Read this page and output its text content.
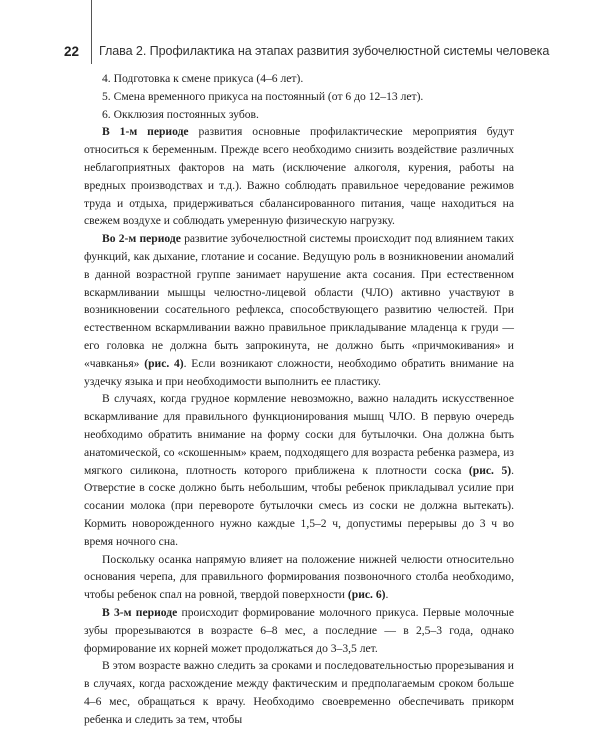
22 Глава 2. Профилактика на этапах развития зубочелюстной системы человека

4. Подготовка к смене прикуса (4–6 лет).

5. Смена временного прикуса на постоянный (от 6 до 12–13 лет).

6. Окклюзия постоянных зубов.

В 1-м периоде развития основные профилактические мероприятия будут относиться к беременным. Прежде всего необходимо снизить воздействие различных неблагоприятных факторов на мать (исключение алкоголя, курения, работы на вредных производствах и т.д.). Важно соблюдать правильное чередование режимов труда и отдыха, придерживаться сбалансированного питания, чаще находиться на свежем воздухе и соблюдать умеренную физическую нагрузку.

Во 2-м периоде развитие зубочелюстной системы происходит под влиянием таких функций, как дыхание, глотание и сосание. Ведущую роль в возникновении аномалий в данной возрастной группе занимает нарушение акта сосания. При естественном вскармливании мышцы челюстно-лицевой области (ЧЛО) активно участвуют в возникновении сосательного рефлекса, способствующего развитию челюстей. При естественном вскармливании важно правильное прикладывание младенца к груди — его головка не должна быть запрокинута, не должно быть «причмокивания» и «чавканья» (рис. 4). Если возникают сложности, необходимо обратить внимание на уздечку языка и при необходимости выполнить ее пластику.

В случаях, когда грудное кормление невозможно, важно наладить искусственное вскармливание для правильного функционирования мышц ЧЛО. В первую очередь необходимо обратить внимание на форму соски для бутылочки. Она должна быть анатомической, со «скошенным» краем, подходящего для возраста ребенка размера, из мягкого силикона, плотность которого приближена к плотности соска (рис. 5). Отверстие в соске должно быть небольшим, чтобы ребенок прикладывал усилие при сосании молока (при перевороте бутылочки смесь из соски не должна вытекать). Кормить новорожденного нужно каждые 1,5–2 ч, допустимы перерывы до 3 ч во время ночного сна.

Поскольку осанка напрямую влияет на положение нижней челюсти относительно основания черепа, для правильного формирования позвоночного столба необходимо, чтобы ребенок спал на ровной, твердой поверхности (рис. 6).

В 3-м периоде происходит формирование молочного прикуса. Первые молочные зубы прорезываются в возрасте 6–8 мес, а последние — в 2,5–3 года, однако формирование их корней может продолжаться до 3–3,5 лет.

В этом возрасте важно следить за сроками и последовательностью прорезывания и в случаях, когда расхождение между фактическим и предполагаемым сроком больше 4–6 мес, обращаться к врачу. Необходимо своевременно обеспечивать прикорм ребенка и следить за тем, чтобы
